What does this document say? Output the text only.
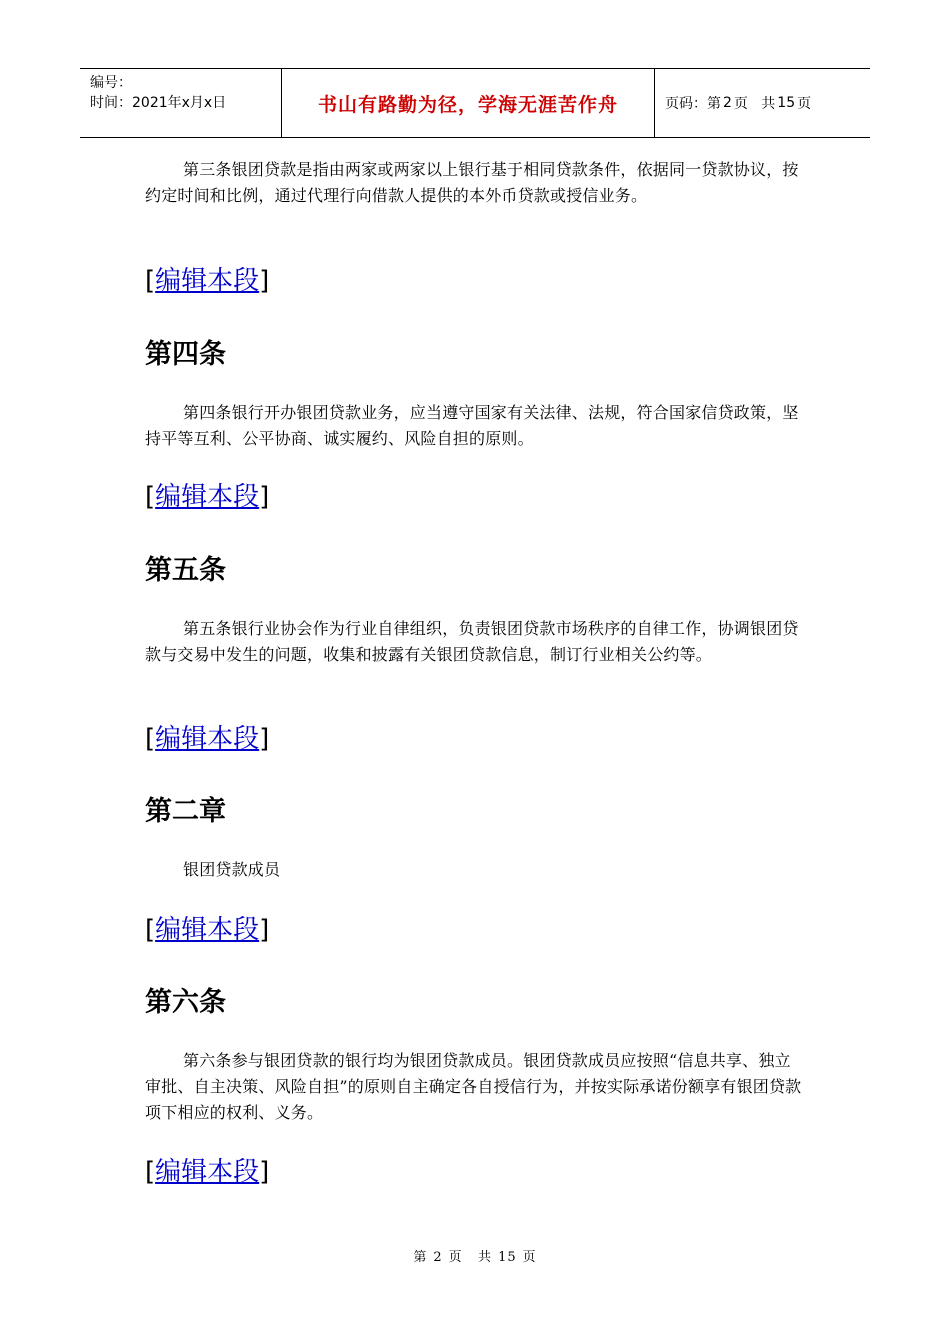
编号：
时间：2021年x月x日	书山有路勤为径，学海无涯苦作舟	页码：第 2 页   共 15 页
第三条银团贷款是指由两家或两家以上银行基于相同贷款条件，依据同一贷款协议，按约定时间和比例，通过代理行向借款人提供的本外币贷款或授信业务。
[编辑本段]
第四条
第四条银行开办银团贷款业务，应当遵守国家有关法律、法规，符合国家信贷政策，坚持平等互利、公平协商、诚实履约、风险自担的原则。
[编辑本段]
第五条
第五条银行业协会作为行业自律组织，负责银团贷款市场秩序的自律工作，协调银团贷款与交易中发生的问题，收集和披露有关银团贷款信息，制订行业相关公约等。
[编辑本段]
第二章
银团贷款成员
[编辑本段]
第六条
第六条参与银团贷款的银行均为银团贷款成员。银团贷款成员应按照“信息共享、独立审批、自主决策、风险自担”的原则自主确定各自授信行为，并按实际承诺份额享有银团贷款项下相应的权利、义务。
[编辑本段]
第 2 页   共 15 页
